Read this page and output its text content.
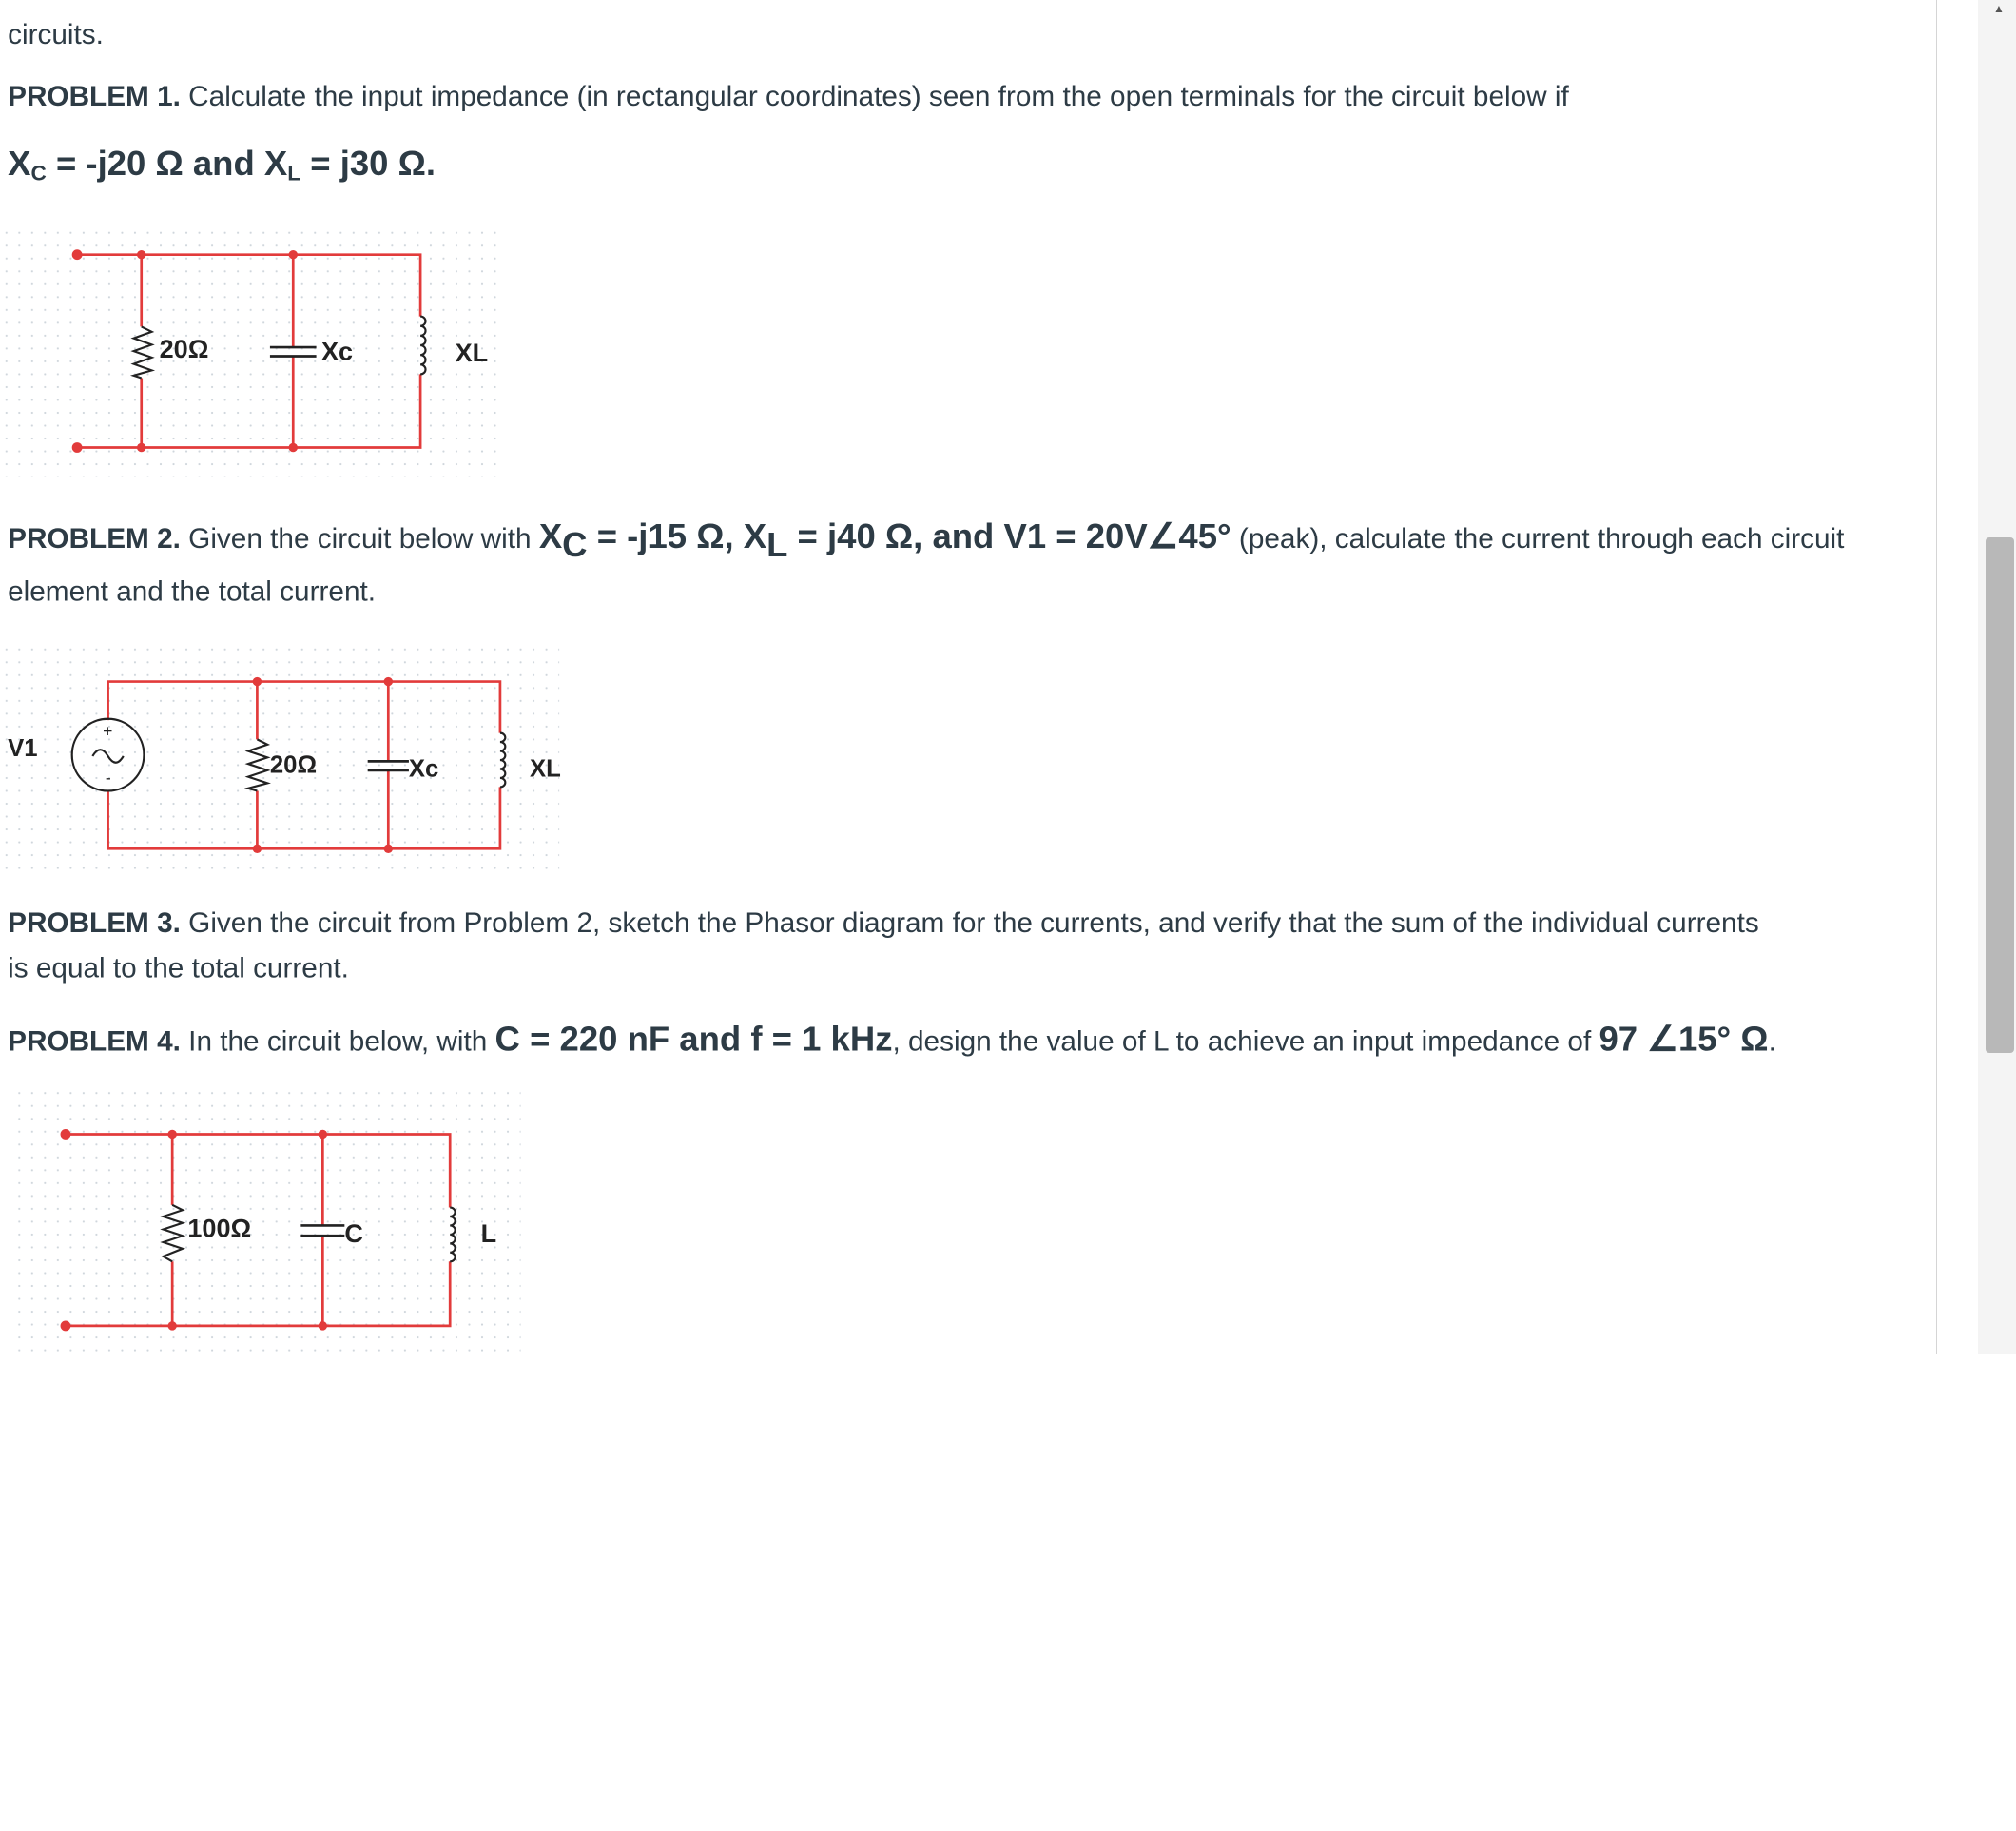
circuits.

PROBLEM 1. Calculate the input impedance (in rectangular coordinates) seen from the open terminals for the circuit below if

$X_C = -j20$ Ω and $X_L = j30$ Ω.

20Ω	Xc	XL

PROBLEM 2. Given the circuit below with $X_C = -j15$ Ω, $X_L = j40$ Ω, and V1 = 20V∠45° (peak), calculate the current through each circuit

element and the total current.

+
-
V1
20Ω	Xc	XL

PROBLEM 3. Given the circuit from Problem 2, sketch the Phasor diagram for the currents, and verify that the sum of the individual currents

is equal to the total current.

PROBLEM 4. In the circuit below, with C = 220 nF and f = 1 kHz, design the value of L to achieve an input impedance of 97 ∠15° Ω.

100Ω	C	L
▲
